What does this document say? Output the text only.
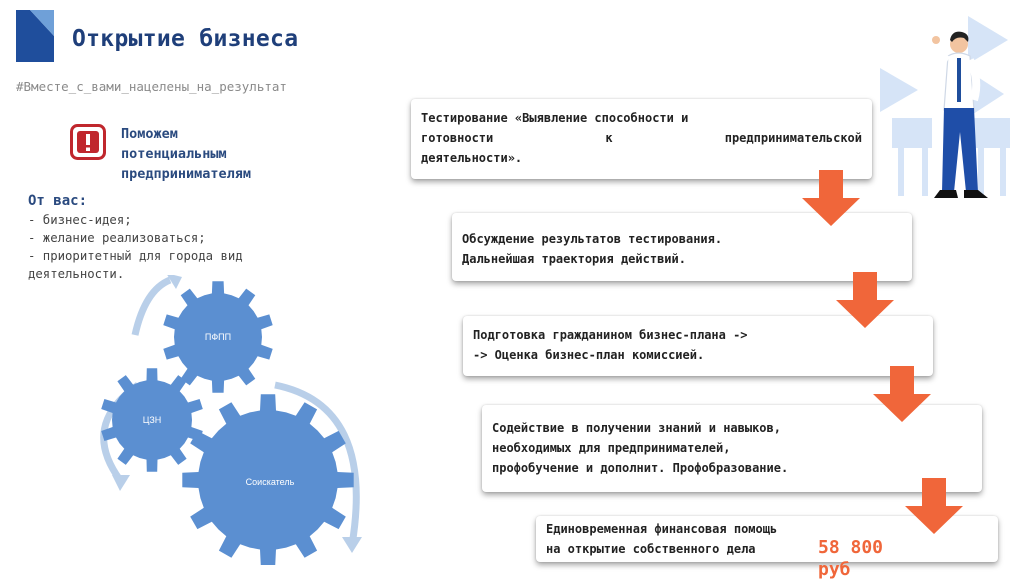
Открытие бизнеса
#Вместе_с_вами_нацелены_на_результат
Поможем
потенциальным
предпринимателям
От вас:
- бизнес-идея;
- желание реализоваться;
- приоритетный для города вид
деятельности.
ПФПП
ЦЗН
Соискатель
Тестирование «Выявление способности и
готовности к предпринимательской
деятельности».
Обсуждение результатов тестирования.
Дальнейшая траектория действий.
Подготовка гражданином бизнес-плана ->
-> Оценка бизнес-план комиссией.
Содействие в получении знаний и навыков,
необходимых для предпринимателей,
профобучение и дополнит. Профобразование.
Единовременная финансовая помощь
на открытие собственного дела	58 800
руб
